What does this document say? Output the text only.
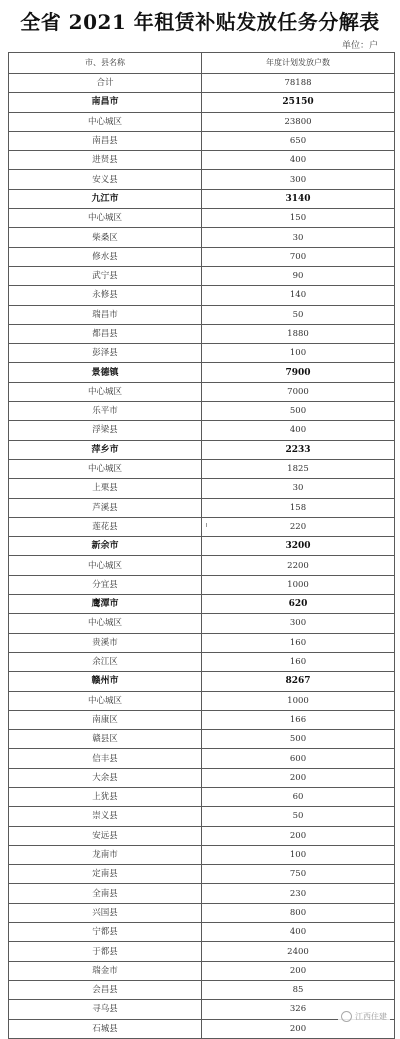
全省 2021 年租赁补贴发放任务分解表
单位：户
市、县名称	年度计划发放户数
合计	78188
南昌市	25150
中心城区	23800
南昌县	650
进贤县	400
安义县	300
九江市	3140
中心城区	150
柴桑区	30
修水县	700
武宁县	90
永修县	140
瑞昌市	50
都昌县	1880
彭泽县	100
景德镇	7900
中心城区	7000
乐平市	500
浮梁县	400
萍乡市	2233
中心城区	1825
上栗县	30
芦溪县	158
莲花县	220
新余市	3200
中心城区	2200
分宜县	1000
鹰潭市	620
中心城区	300
贵溪市	160
余江区	160
赣州市	8267
中心城区	1000
南康区	166
赣县区	500
信丰县	600
大余县	200
上犹县	60
崇义县	50
安远县	200
龙南市	100
定南县	750
全南县	230
兴国县	800
宁都县	400
于都县	2400
瑞金市	200
会昌县	85
寻乌县	326
石城县	200
江西住建
